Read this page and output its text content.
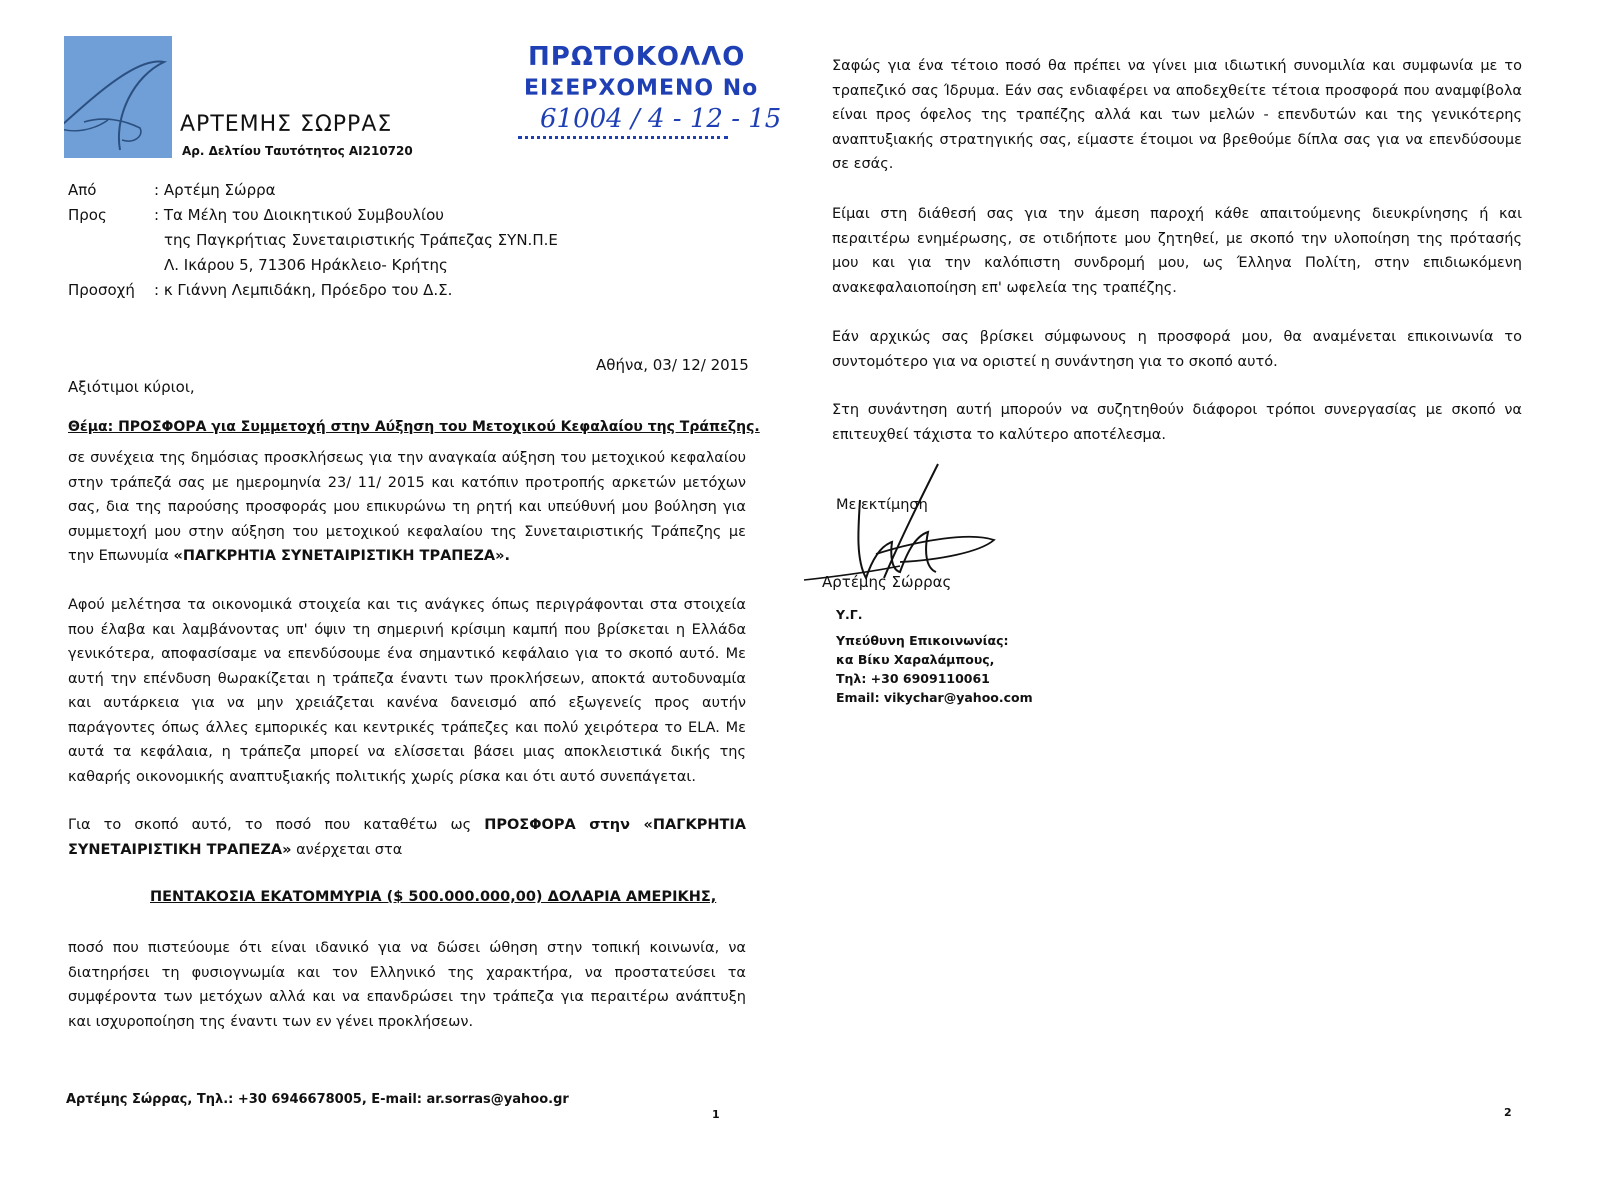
ΑΡΤΕΜΗΣ ΣΩΡΡΑΣ
Αρ. Δελτίου Ταυτότητος AI210720
ΠΡΩΤΟΚΟΛΛΟ
ΕΙΣΕΡΧΟΜΕΝΟ No
61004 / 4 - 12 - 15
Από	: Αρτέμη Σώρρα
Προς	: Τα Μέλη του Διοικητικού Συμβουλίου
της Παγκρήτιας Συνεταιριστικής Τράπεζας ΣΥΝ.Π.Ε
Λ. Ικάρου 5, 71306 Ηράκλειο- Κρήτης
Προσοχή : κ Γιάννη Λεμπιδάκη, Πρόεδρο του Δ.Σ.
Αθήνα, 03/ 12/ 2015
Αξιότιμοι κύριοι,
Θέμα: ΠΡΟΣΦΟΡΑ για Συμμετοχή στην Αύξηση του Μετοχικού Κεφαλαίου της Τράπεζης.
σε συνέχεια της δημόσιας προσκλήσεως για την αναγκαία αύξηση του μετοχικού κεφαλαίου στην τράπεζά σας με ημερομηνία 23/ 11/ 2015 και κατόπιν προτροπής αρκετών μετόχων σας, δια της παρούσης προσφοράς μου επικυρώνω τη ρητή και υπεύθυνή μου βούληση για συμμετοχή μου στην αύξηση του μετοχικού κεφαλαίου της Συνεταιριστικής Τράπεζης με την Επωνυμία «ΠΑΓΚΡΗΤΙΑ ΣΥΝΕΤΑΙΡΙΣΤΙΚΗ ΤΡΑΠΕΖΑ».
Αφού μελέτησα τα οικονομικά στοιχεία και τις ανάγκες όπως περιγράφονται στα στοιχεία που έλαβα και λαμβάνοντας υπ' όψιν τη σημερινή κρίσιμη καμπή που βρίσκεται η Ελλάδα γενικότερα, αποφασίσαμε να επενδύσουμε ένα σημαντικό κεφάλαιο για το σκοπό αυτό. Με αυτή την επένδυση θωρακίζεται η τράπεζα έναντι των προκλήσεων, αποκτά αυτοδυναμία και αυτάρκεια για να μην χρειάζεται κανένα δανεισμό από εξωγενείς προς αυτήν παράγοντες όπως άλλες εμπορικές και κεντρικές τράπεζες και πολύ χειρότερα το ELA. Με αυτά τα κεφάλαια, η τράπεζα μπορεί να ελίσσεται βάσει μιας αποκλειστικά δικής της καθαρής οικονομικής αναπτυξιακής πολιτικής χωρίς ρίσκα και ότι αυτό συνεπάγεται.
Για το σκοπό αυτό, το ποσό που καταθέτω ως ΠΡΟΣΦΟΡΑ στην «ΠΑΓΚΡΗΤΙΑ ΣΥΝΕΤΑΙΡΙΣΤΙΚΗ ΤΡΑΠΕΖΑ» ανέρχεται στα
ΠΕΝΤΑΚΟΣΙΑ ΕΚΑΤΟΜΜΥΡΙΑ ($ 500.000.000,00) ΔΟΛΑΡΙΑ ΑΜΕΡΙΚΗΣ,
ποσό που πιστεύουμε ότι είναι ιδανικό για να δώσει ώθηση στην τοπική κοινωνία, να διατηρήσει τη φυσιογνωμία και τον Ελληνικό της χαρακτήρα, να προστατεύσει τα συμφέροντα των μετόχων αλλά και να επανδρώσει την τράπεζα για περαιτέρω ανάπτυξη και ισχυροποίηση της έναντι των εν γένει προκλήσεων.
Αρτέμης Σώρρας, Τηλ.: +30 6946678005, E-mail: ar.sorras@yahoo.gr
1
Σαφώς για ένα τέτοιο ποσό θα πρέπει να γίνει μια ιδιωτική συνομιλία και συμφωνία με το τραπεζικό σας Ίδρυμα. Εάν σας ενδιαφέρει να αποδεχθείτε τέτοια προσφορά που αναμφίβολα είναι προς όφελος της τραπέζης αλλά και των μελών - επενδυτών και της γενικότερης αναπτυξιακής στρατηγικής σας, είμαστε έτοιμοι να βρεθούμε δίπλα σας για να επενδύσουμε σε εσάς.
Είμαι στη διάθεσή σας για την άμεση παροχή κάθε απαιτούμενης διευκρίνησης ή και περαιτέρω ενημέρωσης, σε οτιδήποτε μου ζητηθεί, με σκοπό την υλοποίηση της πρότασής μου και για την καλόπιστη συνδρομή μου, ως Έλληνα Πολίτη, στην επιδιωκόμενη ανακεφαλαιοποίηση επ' ωφελεία της τραπέζης.
Εάν αρχικώς σας βρίσκει σύμφωνους η προσφορά μου, θα αναμένεται επικοινωνία το συντομότερο για να οριστεί η συνάντηση για το σκοπό αυτό.
Στη συνάντηση αυτή μπορούν να συζητηθούν διάφοροι τρόποι συνεργασίας με σκοπό να επιτευχθεί τάχιστα το καλύτερο αποτέλεσμα.
Με εκτίμηση
Αρτέμης Σώρρας
Υ.Γ.
Υπεύθυνη Επικοινωνίας:
κα Βίκυ Χαραλάμπους,
Τηλ: +30 6909110061
Email: vikychar@yahoo.com
2
